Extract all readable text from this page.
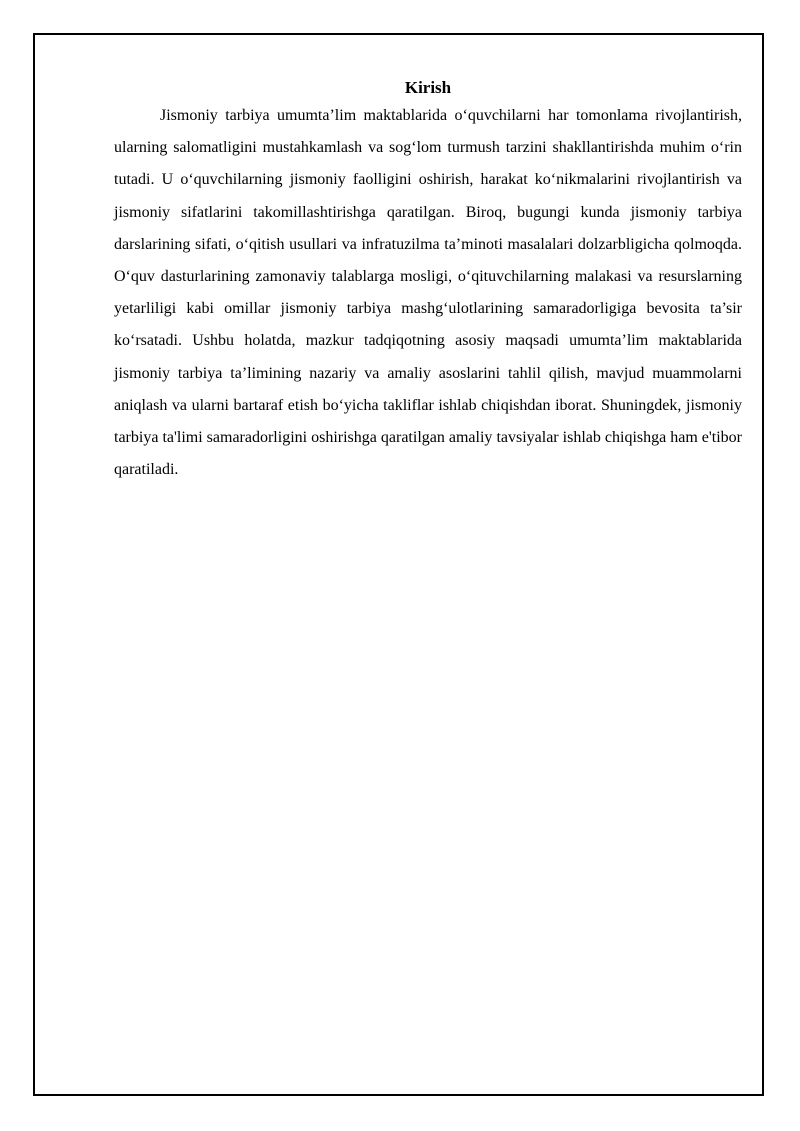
Kirish

Jismoniy tarbiya umumta’lim maktablarida o‘quvchilarni har tomonlama rivojlantirish, ularning salomatligini mustahkamlash va sog‘lom turmush tarzini shakllantirishda muhim o‘rin tutadi. U o‘quvchilarning jismoniy faolligini oshirish, harakat ko‘nikmalarini rivojlantirish va jismoniy sifatlarini takomillashtirishga qaratilgan. Biroq, bugungi kunda jismoniy tarbiya darslarining sifati, o‘qitish usullari va infratuzilma ta’minoti masalalari dolzarbligicha qolmoqda. O‘quv dasturlarining zamonaviy talablarga mosligi, o‘qituvchilarning malakasi va resurslarning yetarliligi kabi omillar jismoniy tarbiya mashg‘ulotlarining samaradorligiga bevosita ta’sir ko‘rsatadi. Ushbu holatda, mazkur tadqiqotning asosiy maqsadi umumta’lim maktablarida jismoniy tarbiya ta’limining nazariy va amaliy asoslarini tahlil qilish, mavjud muammolarni aniqlash va ularni bartaraf etish bo‘yicha takliflar ishlab chiqishdan iborat. Shuningdek, jismoniy tarbiya ta'limi samaradorligini oshirishga qaratilgan amaliy tavsiyalar ishlab chiqishga ham e'tibor qaratiladi.
